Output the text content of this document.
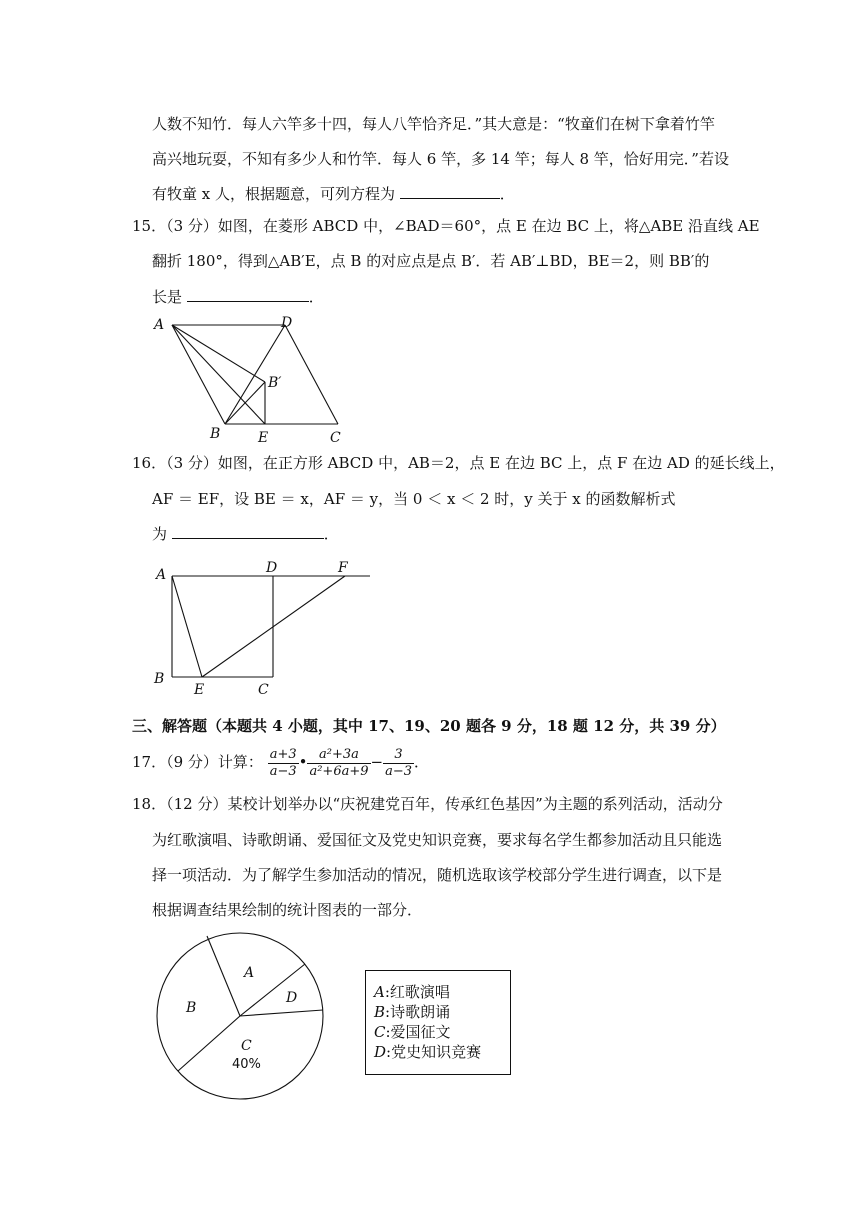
人数不知竹．每人六竿多十四，每人八竿恰齐足．”其大意是：“牧童们在树下拿着竹竿
高兴地玩耍，不知有多少人和竹竿．每人 6 竿，多 14 竿；每人 8 竿，恰好用完．”若设
有牧童 x 人，根据题意，可列方程为	．
15．（3 分）如图，在菱形 ABCD 中，∠BAD＝60°，点 E 在边 BC 上，将△ABE 沿直线 AE
翻折 180°，得到△AB′E，点 B 的对应点是点 B′．若 AB′⊥BD，BE＝2，则 BB′的
长是	．
A	D
B′
B	E	C
16．（3 分）如图，在正方形 ABCD 中，AB＝2，点 E 在边 BC 上，点 F 在边 AD 的延长线上，
AF ＝ EF，设 BE ＝ x，AF ＝ y，当 0 ＜ x ＜ 2 时，y 关于 x 的函数解析式
为	．
A	D	F
B
E	C
三、解答题（本题共 4 小题，其中 17、19、20 题各 9 分，18 题 12 分，共 39 分）
17．（9 分）计算： $\frac{a+3}{a-3}$ • $\frac{\text{a²+3a}}{\text{a²+6a+9}} - \frac{3}{a-3}$ ．
18．（12 分）某校计划举办以“庆祝建党百年，传承红色基因”为主题的系列活动，活动分
为红歌演唱、诗歌朗诵、爱国征文及党史知识竞赛，要求每名学生都参加活动且只能选
择一项活动．为了解学生参加活动的情况，随机选取该学校部分学生进行调查，以下是
根据调查结果绘制的统计图表的一部分．
A
B
D
C
40%
A:红歌演唱
B:诗歌朗诵
C:爱国征文
D:党史知识竞赛
